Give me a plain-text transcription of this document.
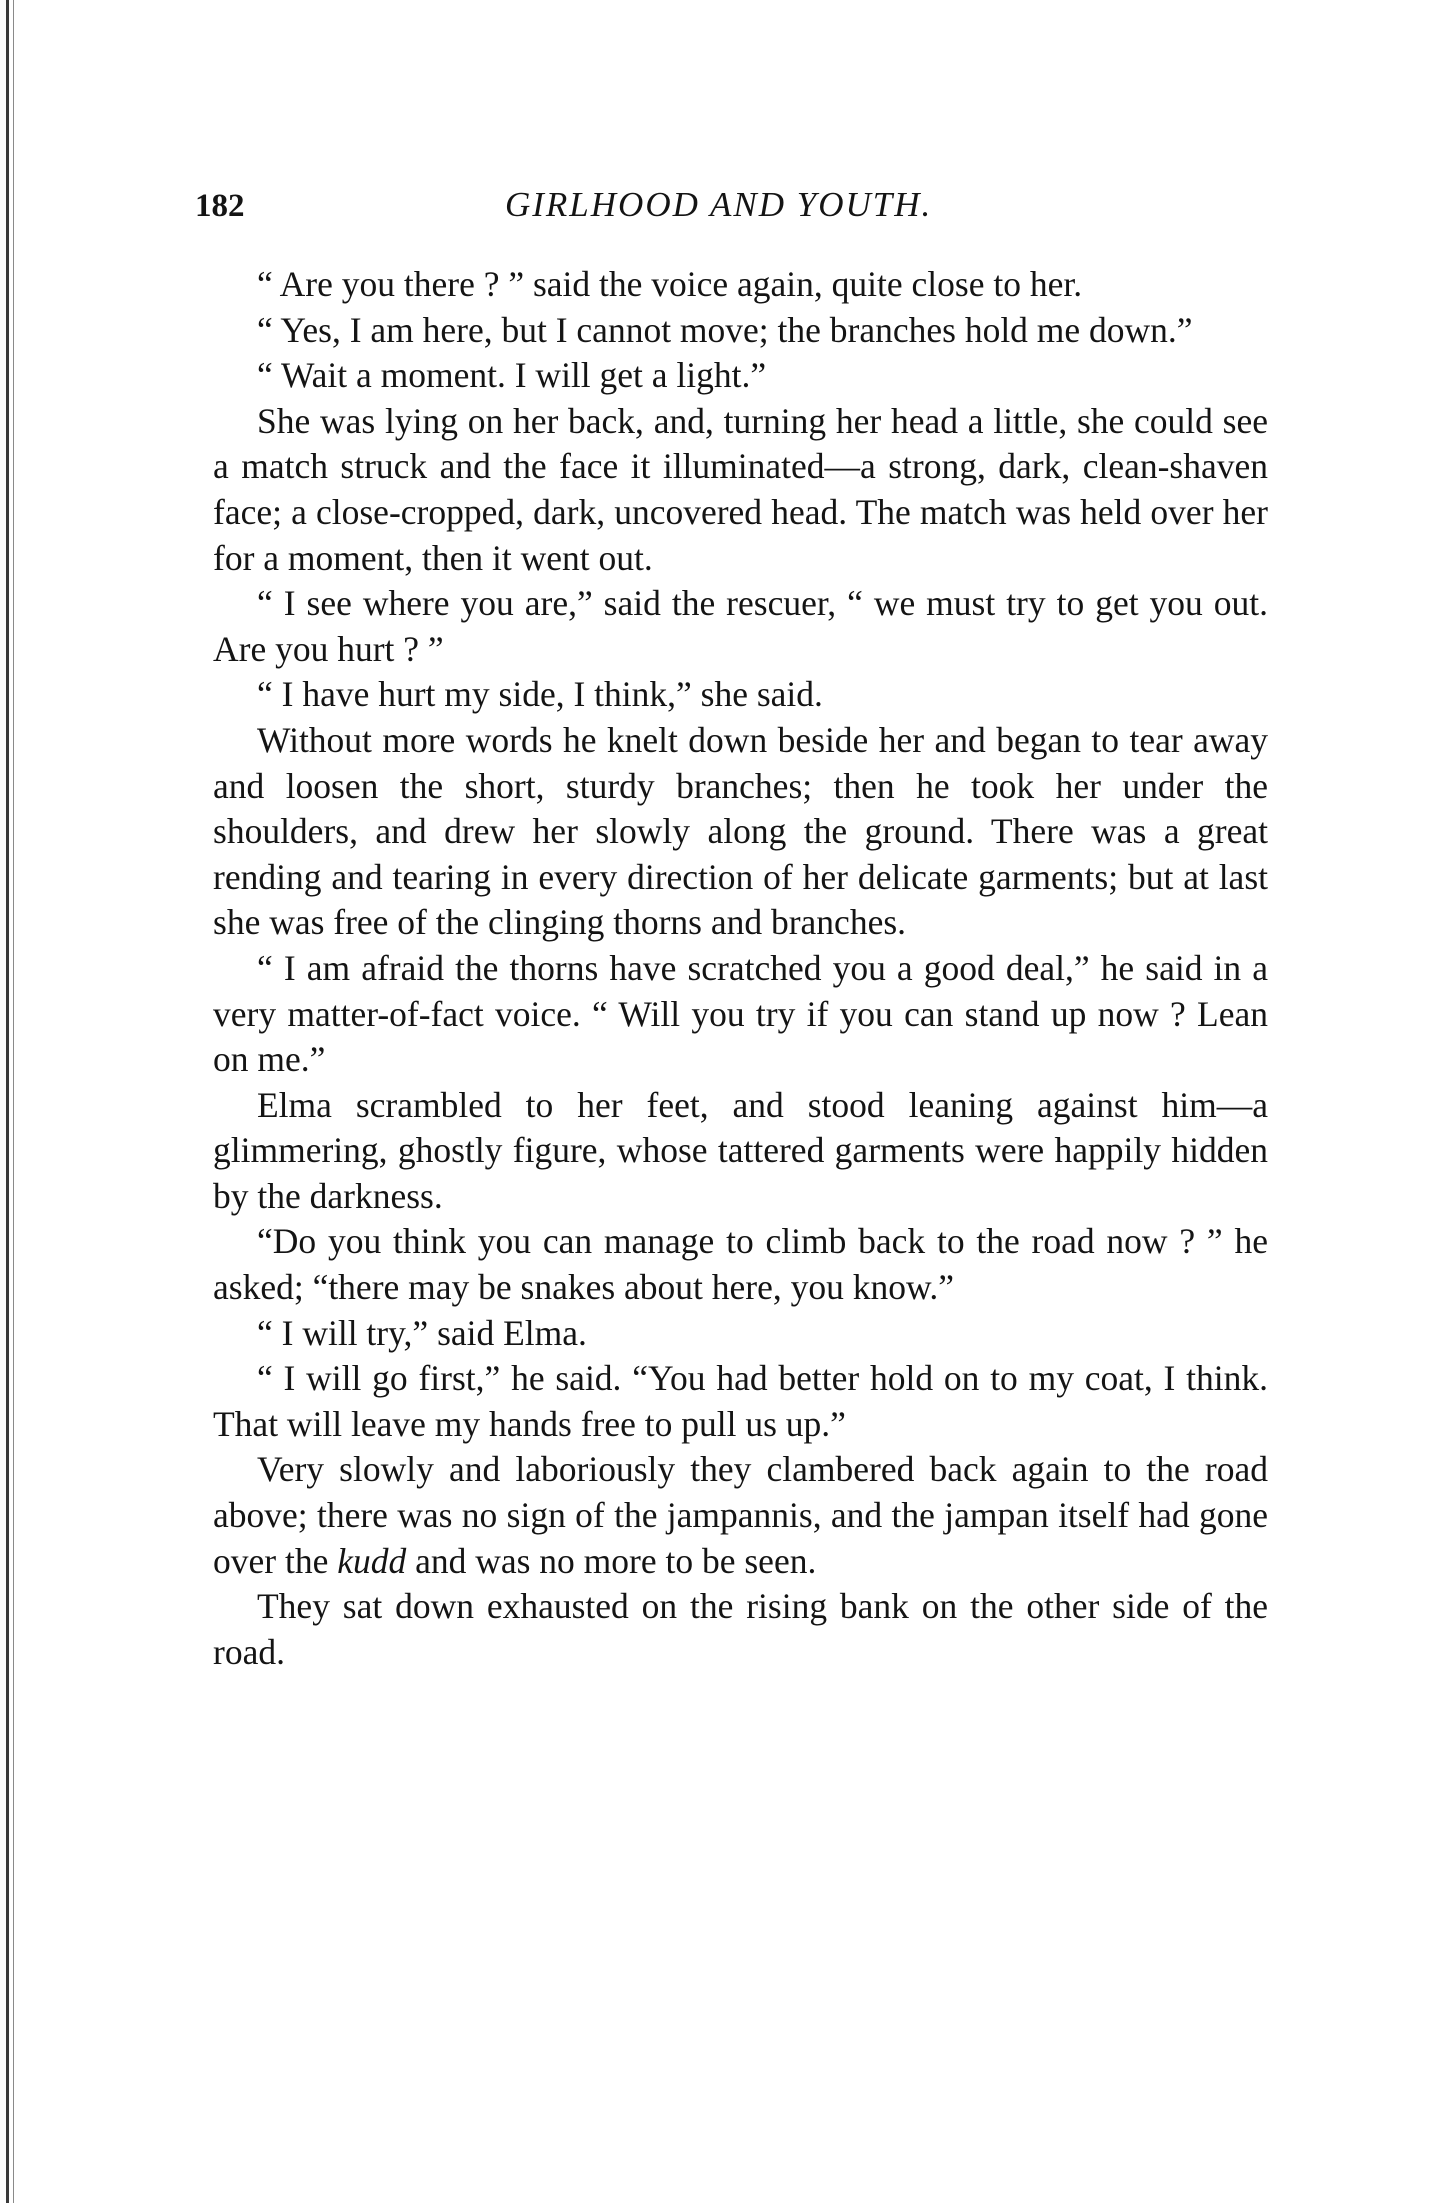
182	GIRLHOOD AND YOUTH.

“ Are you there ? ” said the voice again, quite close to her.

“ Yes, I am here, but I cannot move; the branches hold me down.”

“ Wait a moment. I will get a light.”

She was lying on her back, and, turning her head a little, she could see a match struck and the face it illuminated—a strong, dark, clean-shaven face; a close-cropped, dark, uncovered head. The match was held over her for a moment, then it went out.

“ I see where you are,” said the rescuer, “ we must try to get you out. Are you hurt ? ”

“ I have hurt my side, I think,” she said.

Without more words he knelt down beside her and began to tear away and loosen the short, sturdy branches; then he took her under the shoulders, and drew her slowly along the ground. There was a great rending and tearing in every direction of her delicate garments; but at last she was free of the clinging thorns and branches.

“ I am afraid the thorns have scratched you a good deal,” he said in a very matter-of-fact voice. “ Will you try if you can stand up now ? Lean on me.”

Elma scrambled to her feet, and stood leaning against him—a glimmering, ghostly figure, whose tattered garments were happily hidden by the darkness.

“Do you think you can manage to climb back to the road now ? ” he asked; “there may be snakes about here, you know.”

“ I will try,” said Elma.

“ I will go first,” he said. “You had better hold on to my coat, I think. That will leave my hands free to pull us up.”

Very slowly and laboriously they clambered back again to the road above; there was no sign of the jampannis, and the jampan itself had gone over the kudd and was no more to be seen.

They sat down exhausted on the rising bank on the other side of the road.
